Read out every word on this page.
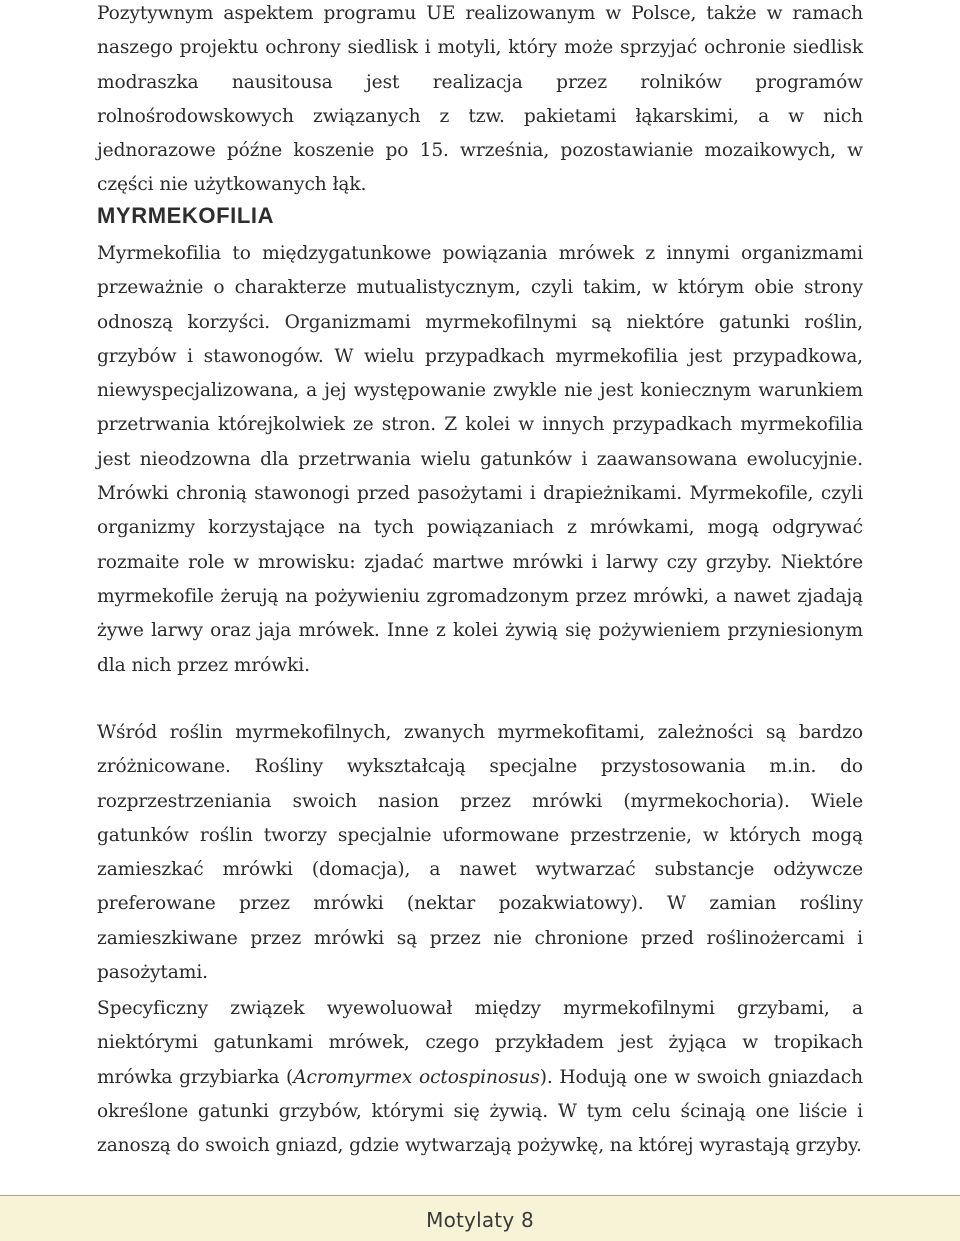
Pozytywnym aspektem programu UE realizowanym w Polsce, także w ramach naszego projektu ochrony siedlisk i motyli, który może sprzyjać ochronie siedlisk modraszka nausitousa jest realizacja przez rolników programów rolnośrodowskowych związanych z tzw. pakietami łąkarskimi, a w nich jednorazowe późne koszenie po 15. września, pozostawianie mozaikowych, w części nie użytkowanych łąk.

MYRMEKOFILIA

Myrmekofilia to międzygatunkowe powiązania mrówek z innymi organizmami przeważnie o charakterze mutualistycznym, czyli takim, w którym obie strony odnoszą korzyści. Organizmami myrmekofilnymi są niektóre gatunki roślin, grzybów i stawonogów. W wielu przypadkach myrmekofilia jest przypadkowa, niewyspecjalizowana, a jej występowanie zwykle nie jest koniecznym warunkiem przetrwania którejkolwiek ze stron. Z kolei w innych przypadkach myrmekofilia jest nieodzowna dla przetrwania wielu gatunków i zaawansowana ewolucyjnie. Mrówki chronią stawonogi przed pasożytami i drapieżnikami. Myrmekofile, czyli organizmy korzystające na tych powiązaniach z mrówkami, mogą odgrywać rozmaite role w mrowisku: zjadać martwe mrówki i larwy czy grzyby. Niektóre myrmekofile żerują na pożywieniu zgromadzonym przez mrówki, a nawet zjadają żywe larwy oraz jaja mrówek. Inne z kolei żywią się pożywieniem przyniesionym dla nich przez mrówki.

Wśród roślin myrmekofilnych, zwanych myrmekofitami, zależności są bardzo zróżnicowane. Rośliny wykształcają specjalne przystosowania m.in. do rozprzestrzeniania swoich nasion przez mrówki (myrmekochoria). Wiele gatunków roślin tworzy specjalnie uformowane przestrzenie, w których mogą zamieszkać mrówki (domacja), a nawet wytwarzać substancje odżywcze preferowane przez mrówki (nektar pozakwiatowy). W zamian rośliny zamieszkiwane przez mrówki są przez nie chronione przed roślinożercami i pasożytami.

Specyficzny związek wyewoluował między myrmekofilnymi grzybami, a niektórymi gatunkami mrówek, czego przykładem jest żyjąca w tropikach mrówka grzybiarka (Acromyrmex octospinosus). Hodują one w swoich gniazdach określone gatunki grzybów, którymi się żywią. W tym celu ścinają one liście i zanoszą do swoich gniazd, gdzie wytwarzają pożywkę, na której wyrastają grzyby.

Motylaty 8
